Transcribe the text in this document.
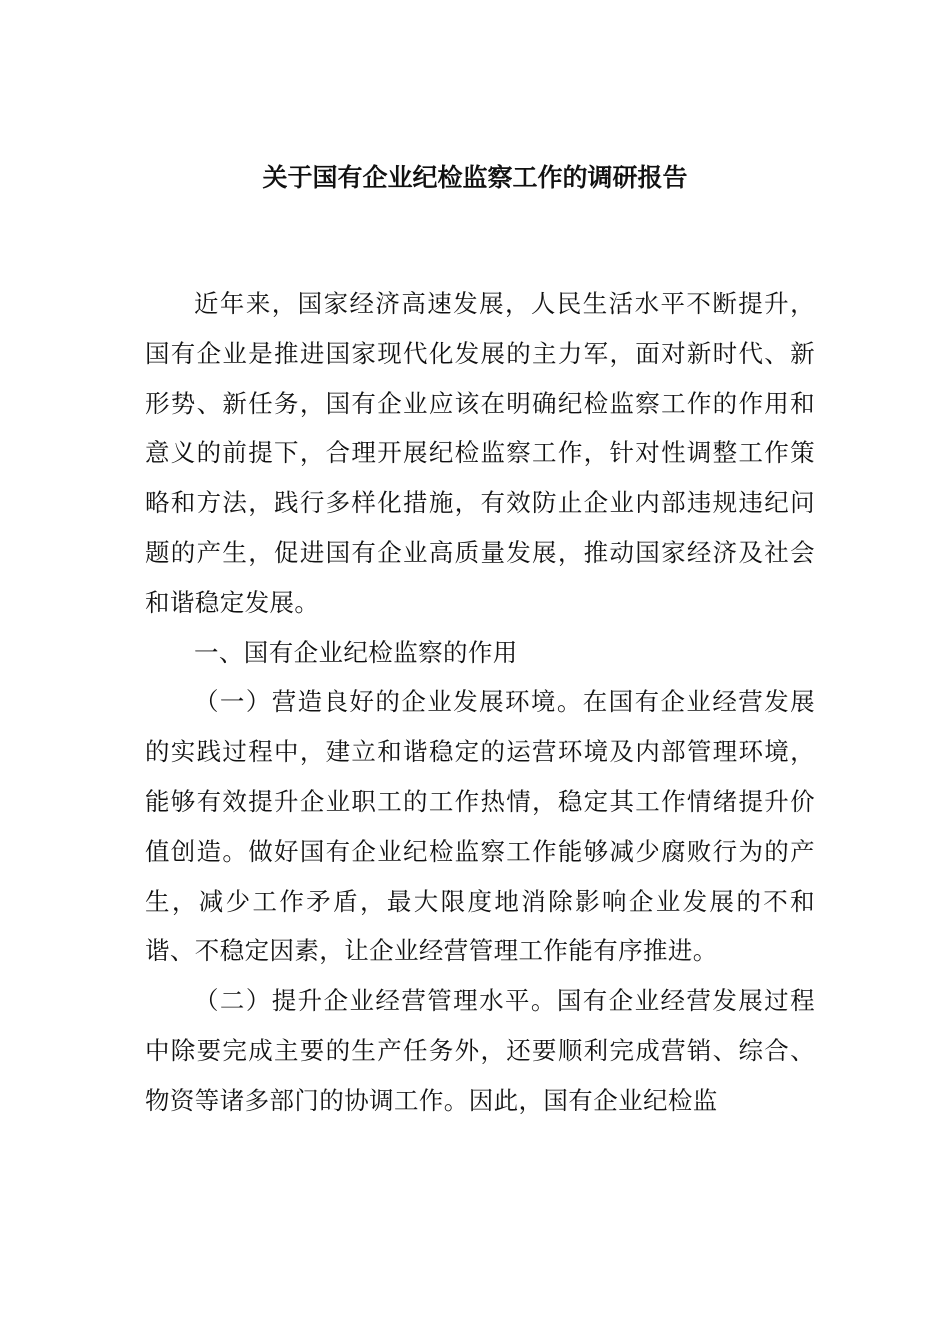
关于国有企业纪检监察工作的调研报告

近年来，国家经济高速发展，人民生活水平不断提升，国有企业是推进国家现代化发展的主力军，面对新时代、新形势、新任务，国有企业应该在明确纪检监察工作的作用和意义的前提下，合理开展纪检监察工作，针对性调整工作策略和方法，践行多样化措施，有效防止企业内部违规违纪问题的产生，促进国有企业高质量发展，推动国家经济及社会和谐稳定发展。

一、国有企业纪检监察的作用

（一）营造良好的企业发展环境。在国有企业经营发展的实践过程中，建立和谐稳定的运营环境及内部管理环境，能够有效提升企业职工的工作热情，稳定其工作情绪提升价值创造。做好国有企业纪检监察工作能够减少腐败行为的产生，减少工作矛盾，最大限度地消除影响企业发展的不和谐、不稳定因素，让企业经营管理工作能有序推进。

（二）提升企业经营管理水平。国有企业经营发展过程中除要完成主要的生产任务外，还要顺利完成营销、综合、物资等诸多部门的协调工作。因此，国有企业纪检监
